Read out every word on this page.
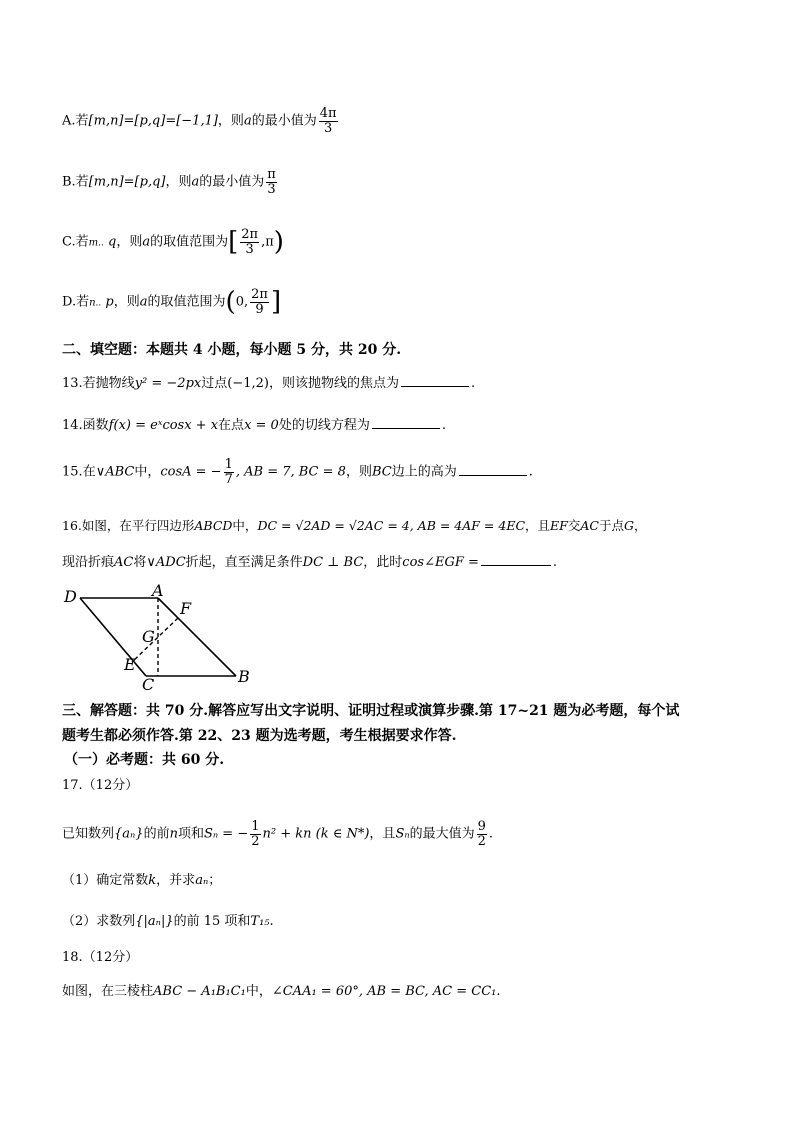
A.若[m,n]=[p,q]=[−1,1]，则a的最小值为 $\frac{4\pi}{3}$
B.若[m,n]=[p,q]，则a的最小值为 $\frac{\pi}{3}$
C.若m.. q，则a的取值范围为[ $\frac{2\pi}{3} ,\pi$)
D.若n.. p，则a的取值范围为(0, $\frac{2\pi}{9}$ ]
二、填空题：本题共 4 小题，每小题 5 分，共 20 分.
13.若抛物线y² = −2px过点(−1,2)，则该抛物线的焦点为	.
14.函数f(x) = eˣcosx + x在点x = 0处的切线方程为	.
15.在∨ABC中，cosA = − $\frac{1}{7}$ , AB = 7, BC = 8，则BC边上的高为	.
16.如图，在平行四边形ABCD中，DC = √2AD = √2AC = 4, AB = 4AF = 4EC，且EF交AC于点G，
现沿折痕AC将∨ADC折起，直至满足条件DC ⊥ BC，此时cos∠EGF =	.
D	A
F
G
E
C	B
三、解答题：共 70 分.解答应写出文字说明、证明过程或演算步骤.第 17~21 题为必考题，每个试
题考生都必须作答.第 22、23 题为选考题，考生根据要求作答.
（一）必考题：共 60 分.
17.（12分）
已知数列{aₙ}的前n项和Sₙ = − $\frac{1}{2} n^2$ + kn (k ∈ N*)，且Sₙ的最大值为 $\frac{9}{2}$ .
（1）确定常数k，并求aₙ；
（2）求数列{|aₙ|}的前 15 项和T₁₅.
18.（12分）
如图，在三棱柱ABC − A₁B₁C₁中，∠CAA₁ = 60°, AB = BC, AC = CC₁.
